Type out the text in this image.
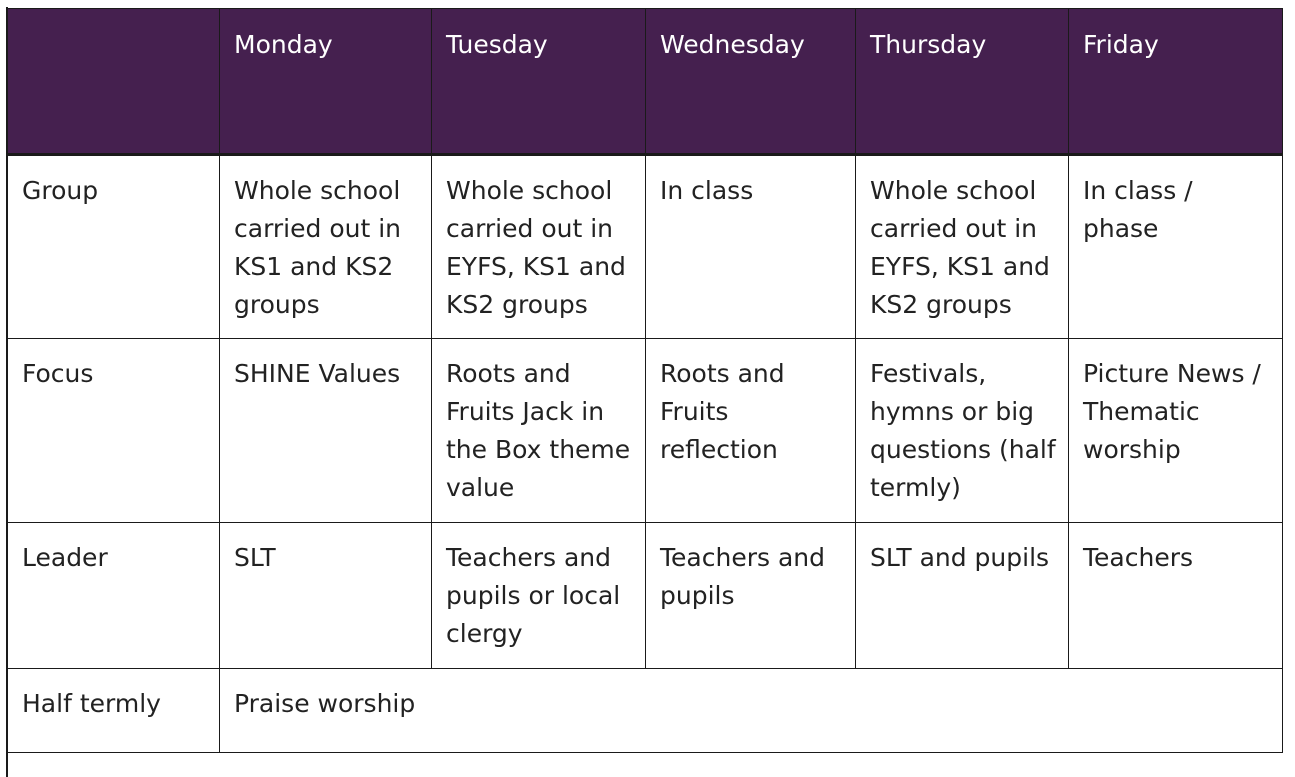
	Monday	Tuesday	Wednesday	Thursday	Friday
Group	Whole school carried out in KS1 and KS2 groups	Whole school carried out in EYFS, KS1 and KS2 groups	In class	Whole school carried out in EYFS, KS1 and KS2 groups	In class / phase
Focus	SHINE Values	Roots and Fruits Jack in the Box theme value	Roots and Fruits reflection	Festivals, hymns or big questions (half termly)	Picture News / Thematic worship
Leader	SLT	Teachers and pupils or local clergy	Teachers and pupils	SLT and pupils	Teachers
Half termly	Praise worship				
